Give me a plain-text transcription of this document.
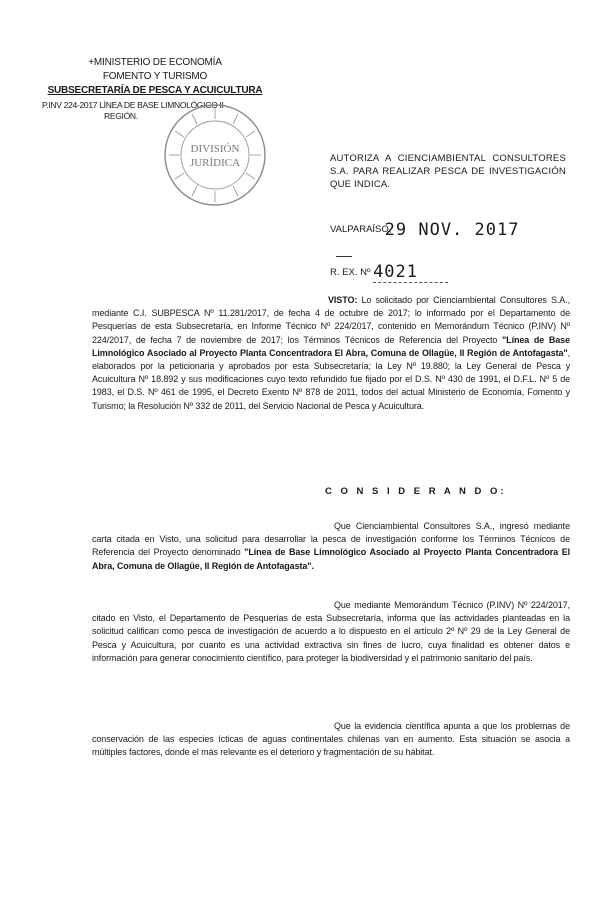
+MINISTERIO DE ECONOMÍA
FOMENTO Y TURISMO
SUBSECRETARÍA DE PESCA Y ACUICULTURA
P.INV 224-2017 LÍNEA DE BASE LIMNOLÓGICO II
REGIÓN.
DIVISIÓN
JURÍDICA	AUTORIZA A CIENCIAMBIENTAL CONSULTORES S.A. PARA REALIZAR PESCA DE INVESTIGACIÓN QUE INDICA.
VALPARAÍSO, 29 NOV. 2017
R. EX. Nº 4021
VISTO: Lo solicitado por Cienciambiental Consultores S.A., mediante C.I. SUBPESCA Nº 11.281/2017, de fecha 4 de octubre de 2017; lo informado por el Departamento de Pesquerías de esta Subsecretaría, en Informe Técnico Nº 224/2017, contenido en Memorándum Técnico (P.INV) Nº 224/2017, de fecha 7 de noviembre de 2017; los Términos Técnicos de Referencia del Proyecto "Línea de Base Limnológico Asociado al Proyecto Planta Concentradora El Abra, Comuna de Ollagüe, II Región de Antofagasta", elaborados por la peticionaria y aprobados por esta Subsecretaría; la Ley Nº 19.880; la Ley General de Pesca y Acuicultura Nº 18.892 y sus modificaciones cuyo texto refundido fue fijado por el D.S. Nº 430 de 1991, el D.F.L. Nº 5 de 1983, el D.S. Nº 461 de 1995, el Decreto Exento Nº 878 de 2011, todos del actual Ministerio de Economía, Fomento y Turismo; la Resolución Nº 332 de 2011, del Servicio Nacional de Pesca y Acuicultura.
C O N S I D E R A N D O:
Que Cienciambiental Consultores S.A., ingresó mediante carta citada en Visto, una solicitud para desarrollar la pesca de investigación conforme los Términos Técnicos de Referencia del Proyecto denominado "Línea de Base Limnológico Asociado al Proyecto Planta Concentradora El Abra, Comuna de Ollagüe, II Región de Antofagasta".
Que mediante Memorándum Técnico (P.INV) Nº 224/2017, citado en Visto, el Departamento de Pesquerías de esta Subsecretaría, informa que las actividades planteadas en la solicitud califican como pesca de investigación de acuerdo a lo dispuesto en el artículo 2º Nº 29 de la Ley General de Pesca y Acuicultura, por cuanto es una actividad extractiva sin fines de lucro, cuya finalidad es obtener datos e información para generar conocimiento científico, para proteger la biodiversidad y el patrimonio sanitario del país.
Que la evidencia científica apunta a que los problemas de conservación de las especies ícticas de aguas continentales chilenas van en aumento. Esta situación se asocia a múltiples factores, donde el más relevante es el deterioro y fragmentación de su hábitat.
